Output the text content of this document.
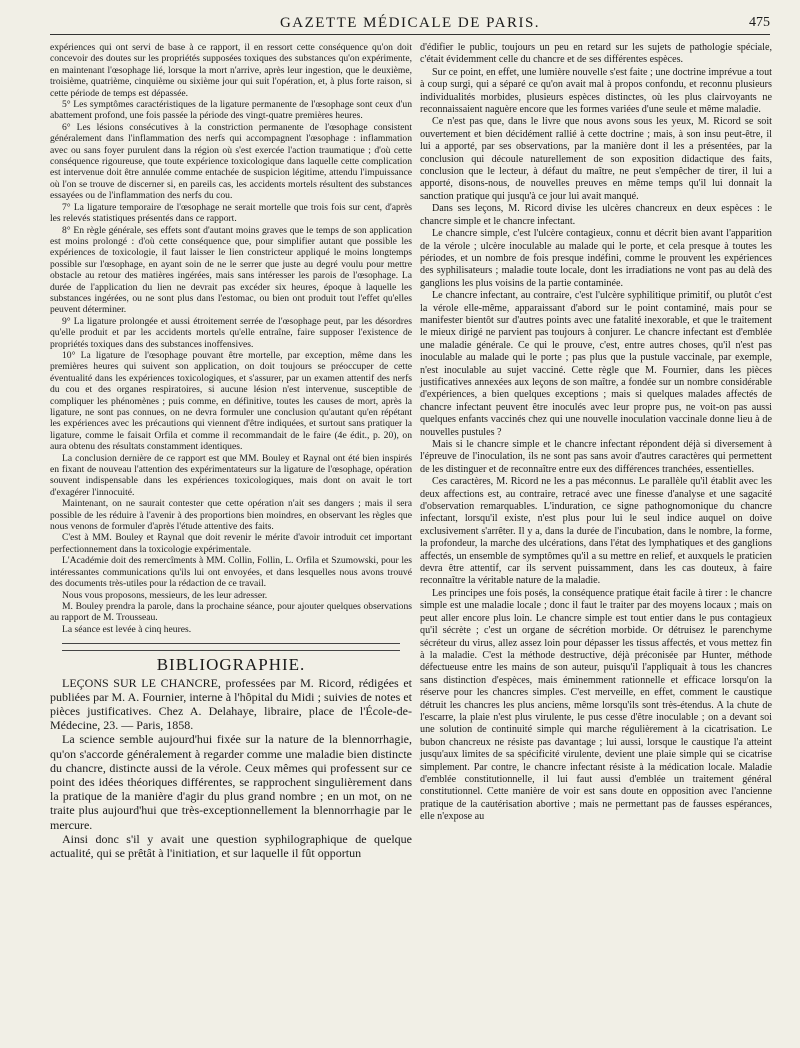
GAZETTE MÉDICALE DE PARIS.	475

expériences qui ont servi de base à ce rapport, il en ressort cette conséquence qu'on doit concevoir des doutes sur les propriétés supposées toxiques des substances qu'on expérimente, en maintenant l'œsophage lié, lorsque la mort n'arrive, après leur ingestion, que le deuxième, troisième, quatrième, cinquième ou sixième jour qui suit l'opération, et, à plus forte raison, si cette période de temps est dépassée.

5° Les symptômes caractéristiques de la ligature permanente de l'œsophage sont ceux d'un abattement profond, une fois passée la période des vingt-quatre premières heures.

6° Les lésions consécutives à la constriction permanente de l'œsophage consistent généralement dans l'inflammation des nerfs qui accompagnent l'œsophage : inflammation avec ou sans foyer purulent dans la région où s'est exercée l'action traumatique ; d'où cette conséquence rigoureuse, que toute expérience toxicologique dans laquelle cette complication est intervenue doit être annulée comme entachée de suspicion légitime, attendu l'impuissance où l'on se trouve de discerner si, en pareils cas, les accidents mortels résultent des substances essayées ou de l'inflammation des nerfs du cou.

7° La ligature temporaire de l'œsophage ne serait mortelle que trois fois sur cent, d'après les relevés statistiques présentés dans ce rapport.

8° En règle générale, ses effets sont d'autant moins graves que le temps de son application est moins prolongé : d'où cette conséquence que, pour simplifier autant que possible les expériences de toxicologie, il faut laisser le lien constricteur appliqué le moins longtemps possible sur l'œsophage, en ayant soin de ne le serrer que juste au degré voulu pour mettre obstacle au retour des matières ingérées, mais sans intéresser les parois de l'œsophage. La durée de l'application du lien ne devrait pas excéder six heures, époque à laquelle les substances ingérées, ou ne sont plus dans l'estomac, ou bien ont produit tout l'effet qu'elles peuvent déterminer.

9° La ligature prolongée et aussi étroitement serrée de l'œsophage peut, par les désordres qu'elle produit et par les accidents mortels qu'elle entraîne, faire supposer l'existence de propriétés toxiques dans des substances inoffensives.

10° La ligature de l'œsophage pouvant être mortelle, par exception, même dans les premières heures qui suivent son application, on doit toujours se préoccuper de cette éventualité dans les expériences toxicologiques, et s'assurer, par un examen attentif des nerfs du cou et des organes respiratoires, si aucune lésion n'est intervenue, susceptible de compliquer les phénomènes ; puis comme, en définitive, toutes les causes de mort, après la ligature, ne sont pas connues, on ne devra formuler une conclusion qu'autant qu'en répétant les expériences avec les précautions qui viennent d'être indiquées, et surtout sans pratiquer la ligature, comme le faisait Orfila et comme il recommandait de le faire (4e édit., p. 20), on aura obtenu des résultats constamment identiques.

La conclusion dernière de ce rapport est que MM. Bouley et Raynal ont été bien inspirés en fixant de nouveau l'attention des expérimentateurs sur la ligature de l'œsophage, opération souvent indispensable dans les expériences toxicologiques, mais dont on avait le tort d'exagérer l'innocuité.

Maintenant, on ne saurait contester que cette opération n'ait ses dangers ; mais il sera possible de les réduire à l'avenir à des proportions bien moindres, en observant les règles que nous venons de formuler d'après l'étude attentive des faits.

C'est à MM. Bouley et Raynal que doit revenir le mérite d'avoir introduit cet important perfectionnement dans la toxicologie expérimentale.

L'Académie doit des remercîments à MM. Collin, Follin, L. Orfila et Szumowski, pour les intéressantes communications qu'ils lui ont envoyées, et dans lesquelles nous avons trouvé des documents très-utiles pour la rédaction de ce travail.

Nous vous proposons, messieurs, de les leur adresser.

M. Bouley prendra la parole, dans la prochaine séance, pour ajouter quelques observations au rapport de M. Trousseau.

La séance est levée à cinq heures.

BIBLIOGRAPHIE.

LEÇONS SUR LE CHANCRE, professées par M. Ricord, rédigées et publiées par M. A. Fournier, interne à l'hôpital du Midi ; suivies de notes et pièces justificatives. Chez A. Delahaye, libraire, place de l'École-de-Médecine, 23. — Paris, 1858.

La science semble aujourd'hui fixée sur la nature de la blennorrhagie, qu'on s'accorde généralement à regarder comme une maladie bien distincte du chancre, distincte aussi de la vérole. Ceux mêmes qui professent sur ce point des idées théoriques différentes, se rapprochent singulièrement dans la pratique de la manière d'agir du plus grand nombre ; en un mot, on ne traite plus aujourd'hui que très-exceptionnellement la blennorrhagie par le mercure.

Ainsi donc s'il y avait une question syphilographique de quelque actualité, qui se prêtât à l'initiation, et sur laquelle il fût opportun

d'édifier le public, toujours un peu en retard sur les sujets de pathologie spéciale, c'était évidemment celle du chancre et de ses différentes espèces.

Sur ce point, en effet, une lumière nouvelle s'est faite ; une doctrine imprévue a tout à coup surgi, qui a séparé ce qu'on avait mal à propos confondu, et reconnu plusieurs individualités morbides, plusieurs espèces distinctes, où les plus clairvoyants ne reconnaissaient naguère encore que les formes variées d'une seule et même maladie.

Ce n'est pas que, dans le livre que nous avons sous les yeux, M. Ricord se soit ouvertement et bien décidément rallié à cette doctrine ; mais, à son insu peut-être, il lui a apporté, par ses observations, par la manière dont il les a présentées, par la conclusion qui découle naturellement de son exposition didactique des faits, conclusion que le lecteur, à défaut du maître, ne peut s'empêcher de tirer, il lui a apporté, disons-nous, de nouvelles preuves en même temps qu'il lui donnait la sanction pratique qui jusqu'à ce jour lui avait manqué.

Dans ses leçons, M. Ricord divise les ulcères chancreux en deux espèces : le chancre simple et le chancre infectant.

Le chancre simple, c'est l'ulcère contagieux, connu et décrit bien avant l'apparition de la vérole ; ulcère inoculable au malade qui le porte, et cela presque à toutes les périodes, et un nombre de fois presque indéfini, comme le prouvent les expériences des syphilisateurs ; maladie toute locale, dont les irradiations ne vont pas au delà des ganglions les plus voisins de la partie contaminée.

Le chancre infectant, au contraire, c'est l'ulcère syphilitique primitif, ou plutôt c'est la vérole elle-même, apparaissant d'abord sur le point contaminé, mais pour se manifester bientôt sur d'autres points avec une fatalité inexorable, et que le traitement le mieux dirigé ne parvient pas toujours à conjurer. Le chancre infectant est d'emblée une maladie générale. Ce qui le prouve, c'est, entre autres choses, qu'il n'est pas inoculable au malade qui le porte ; pas plus que la pustule vaccinale, par exemple, n'est inoculable au sujet vacciné. Cette règle que M. Fournier, dans les pièces justificatives annexées aux leçons de son maître, a fondée sur un nombre considérable d'expériences, a bien quelques exceptions ; mais si quelques malades affectés de chancre infectant peuvent être inoculés avec leur propre pus, ne voit-on pas aussi quelques enfants vaccinés chez qui une nouvelle inoculation vaccinale donne lieu à de nouvelles pustules ?

Mais si le chancre simple et le chancre infectant répondent déjà si diversement à l'épreuve de l'inoculation, ils ne sont pas sans avoir d'autres caractères qui permettent de les distinguer et de reconnaître entre eux des différences tranchées, essentielles.

Ces caractères, M. Ricord ne les a pas méconnus. Le parallèle qu'il établit avec les deux affections est, au contraire, retracé avec une finesse d'analyse et une sagacité d'observation remarquables. L'induration, ce signe pathognomonique du chancre infectant, lorsqu'il existe, n'est plus pour lui le seul indice auquel on doive exclusivement s'arrêter. Il y a, dans la durée de l'incubation, dans le nombre, la forme, la profondeur, la marche des ulcérations, dans l'état des lymphatiques et des ganglions affectés, un ensemble de symptômes qu'il a su mettre en relief, et auxquels le praticien devra être attentif, car ils servent puissamment, dans les cas douteux, à faire reconnaître la véritable nature de la maladie.

Les principes une fois posés, la conséquence pratique était facile à tirer : le chancre simple est une maladie locale ; donc il faut le traiter par des moyens locaux ; mais on peut aller encore plus loin. Le chancre simple est tout entier dans le pus contagieux qu'il sécrète ; c'est un organe de sécrétion morbide. Or détruisez le parenchyme sécréteur du virus, allez assez loin pour dépasser les tissus affectés, et vous mettez fin à la maladie. C'est la méthode destructive, déjà préconisée par Hunter, méthode défectueuse entre les mains de son auteur, puisqu'il l'appliquait à tous les chancres sans distinction d'espèces, mais éminemment rationnelle et efficace lorsqu'on la réserve pour les chancres simples. C'est merveille, en effet, comment le caustique détruit les chancres les plus anciens, même lorsqu'ils sont très-étendus. A la chute de l'escarre, la plaie n'est plus virulente, le pus cesse d'être inoculable ; on a devant soi une solution de continuité simple qui marche régulièrement à la cicatrisation. Le bubon chancreux ne résiste pas davantage ; lui aussi, lorsque le caustique l'a atteint jusqu'aux limites de sa spécificité virulente, devient une plaie simple qui se cicatrise simplement. Par contre, le chancre infectant résiste à la médication locale. Maladie d'emblée constitutionnelle, il lui faut aussi d'emblée un traitement général constitutionnel. Cette manière de voir est sans doute en opposition avec l'ancienne pratique de la cautérisation abortive ; mais ne permettant pas de fausses espérances, elle n'expose au
